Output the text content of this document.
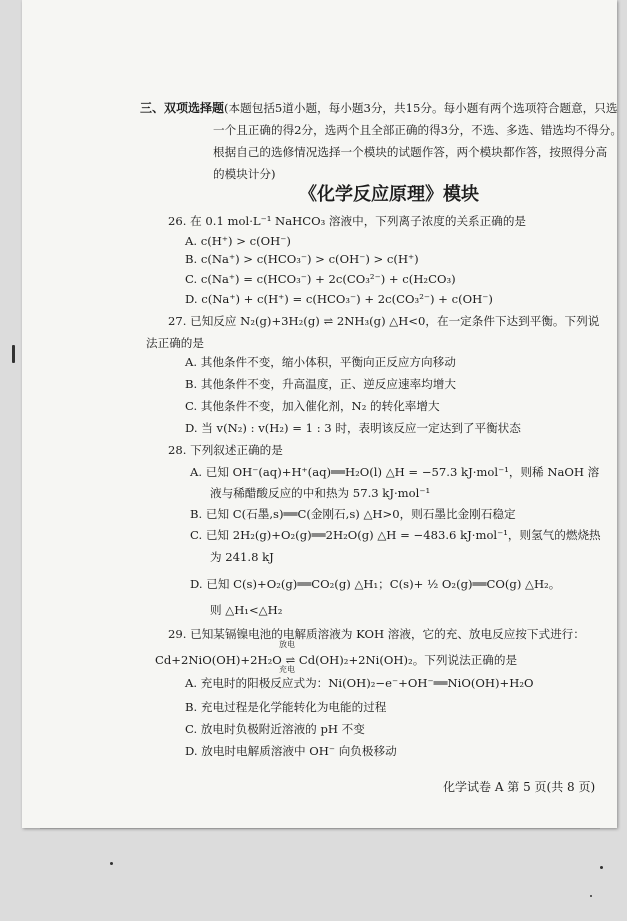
三、双项选择题(本题包括5道小题，每小题3分，共15分。每小题有两个选项符合题意，只选
一个且正确的得2分，选两个且全部正确的得3分，不选、多选、错选均不得分。
根据自己的选修情况选择一个模块的试题作答，两个模块都作答，按照得分高
的模块计分)
《化学反应原理》模块
26. 在 0.1 mol·L⁻¹ NaHCO₃ 溶液中，下列离子浓度的关系正确的是
A. c(H⁺) > c(OH⁻)
B. c(Na⁺) > c(HCO₃⁻) > c(OH⁻) > c(H⁺)
C. c(Na⁺) = c(HCO₃⁻) + 2c(CO₃²⁻) + c(H₂CO₃)
D. c(Na⁺) + c(H⁺) = c(HCO₃⁻) + 2c(CO₃²⁻) + c(OH⁻)
27. 已知反应 N₂(g)+3H₂(g) ⇌ 2NH₃(g) △H<0，在一定条件下达到平衡。下列说
法正确的是
A. 其他条件不变，缩小体积，平衡向正反应方向移动
B. 其他条件不变，升高温度，正、逆反应速率均增大
C. 其他条件不变，加入催化剂，N₂ 的转化率增大
D. 当 v(N₂) : v(H₂) = 1 : 3 时，表明该反应一定达到了平衡状态
28. 下列叙述正确的是
A. 已知 OH⁻(aq)+H⁺(aq)══H₂O(l) △H = −57.3 kJ·mol⁻¹，则稀 NaOH 溶
液与稀醋酸反应的中和热为 57.3 kJ·mol⁻¹
B. 已知 C(石墨,s)══C(金刚石,s) △H>0，则石墨比金刚石稳定
C. 已知 2H₂(g)+O₂(g)══2H₂O(g) △H = −483.6 kJ·mol⁻¹，则氢气的燃烧热
为 241.8 kJ
D. 已知 C(s)+O₂(g)══CO₂(g) △H₁；C(s)+ ½ O₂(g)══CO(g) △H₂。
则 △H₁<△H₂
29. 已知某镉镍电池的电解质溶液为 KOH 溶液，它的充、放电反应按下式进行：
Cd+2NiO(OH)+2H₂O ⇌ Cd(OH)₂+2Ni(OH)₂。下列说法正确的是
放电
充电
A. 充电时的阳极反应式为：Ni(OH)₂−e⁻+OH⁻══NiO(OH)+H₂O
B. 充电过程是化学能转化为电能的过程
C. 放电时负极附近溶液的 pH 不变
D. 放电时电解质溶液中 OH⁻ 向负极移动
化学试卷 A 第 5 页(共 8 页)
